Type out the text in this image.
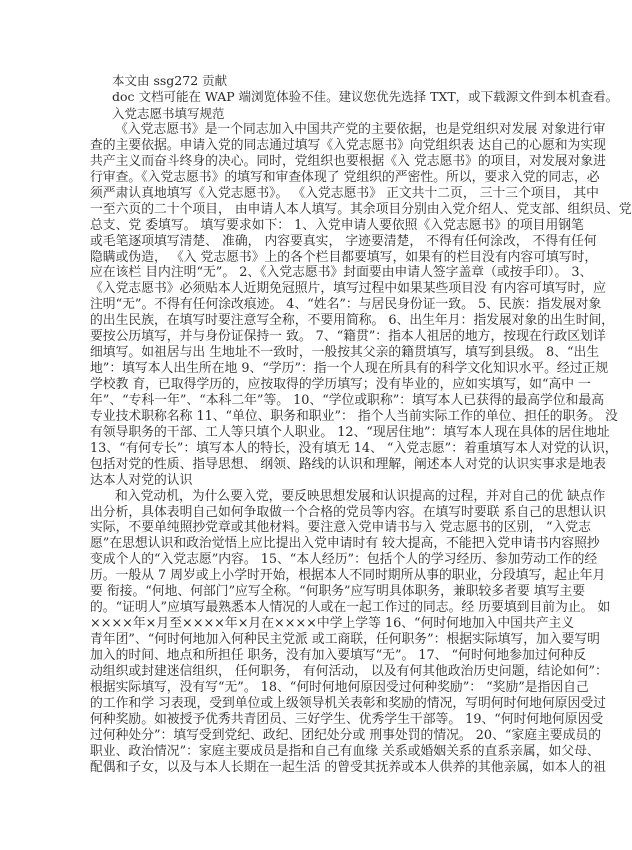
本文由 ssg272 贡献
doc 文档可能在 WAP 端浏览体验不佳。建议您优先选择 TXT，或下载源文件到本机查看。
入党志愿书填写规范
《入党志愿书》是一个同志加入中国共产党的主要依据，也是党组织对发展 对象进行审
查的主要依据。申请入党的同志通过填写《入党志愿书》向党组织表 达自己的心愿和为实现
共产主义而奋斗终身的决心。同时，党组织也要根据《入 党志愿书》的项目，对发展对象进
行审查。《入党志愿书》的填写和审查体现了 党组织的严密性。所以，要求入党的同志，必
须严肃认真地填写《入党志愿书》。 《入党志愿书》 正文共十二页， 三十三个项目， 其中
一至六页的二十个项目， 由申请人本人填写。其余项目分别由入党介绍人、党支部、组织员、党
总支、党 委填写。 填写要求如下： 1、入党申请人要依照《入党志愿书》的项目用钢笔
或毛笔逐项填写清楚、 准确， 内容要真实， 字迹要清楚， 不得有任何涂改， 不得有任何
隐瞒或伪造， 《入 党志愿书》上的各个栏目都要填写，如果有的栏目没有内容可填写时，
应在该栏 目内注明“无”。 2、《入党志愿书》封面要由申请人签字盖章（或按手印）。 3、
《入党志愿书》必须贴本人近期免冠照片，填写过程中如果某些项目没 有内容可填写时，应
注明“无”。不得有任何涂改痕迹。 4、“姓名”：与居民身份证一致。 5、民族：指发展对象
的出生民族，在填写时要注意写全称，不要用简称。 6、出生年月：指发展对象的出生时间，
要按公历填写，并与身份证保持一 致。 7、“籍贯”：指本人祖居的地方，按现在行政区划详
细填写。如祖居与出 生地址不一致时，一般按其父亲的籍贯填写，填写到县级。 8、“出生
地”：填写本人出生所在地 9、“学历”：指一个人现在所具有的科学文化知识水平。经过正规
学校教 育，已取得学历的，应按取得的学历填写；没有毕业的，应如实填写，如“高中 一
年”、“专科一年”、“本科二年”等。 10、“学位或职称”：填写本人已获得的最高学位和最高
专业技术职称名称 11、“单位、职务和职业”： 指个人当前实际工作的单位、担任的职务。 没
有领导职务的干部、工人等只填个人职业。 12、“现居住地”：填写本人现在具体的居住地址
13、“有何专长”：填写本人的特长，没有填无 14、 “入党志愿”：着重填写本人对党的认识，
包括对党的性质、指导思想、 纲领、路线的认识和理解，阐述本人对党的认识实事求是地表
达本人对党的认识
和入党动机，为什么要入党，要反映思想发展和认识提高的过程，并对自己的优 缺点作
出分析，具体表明自己如何争取做一个合格的党员等内容。在填写时要联 系自己的思想认识
实际，不要单纯照抄党章或其他材料。要注意入党申请书与入 党志愿书的区别， “入党志
愿”在思想认识和政治觉悟上应比提出入党申请时有 较大提高，不能把入党申请书内容照抄
变成个人的“入党志愿”内容。 15、“本人经历”：包括个人的学习经历、参加劳动工作的经
历。一般从 7 周岁或上小学时开始，根据本人不同时期所从事的职业，分段填写，起止年月
要 衔接。“何地、何部门”应写全称。“何职务”应写明具体职务，兼职较多者要 填写主要
的。“证明人”应填写最熟悉本人情况的人或在一起工作过的同志。经 历要填到目前为止。 如
××××年×月至××××年×月在××××中学上学等 16、“何时何地加入中国共产主义
青年团”、“何时何地加入何种民主党派 或工商联，任何职务”：根据实际填写，加入要写明
加入的时间、地点和所担任 职务，没有加入要填写“无”。 17、 “何时何地参加过何种反
动组织或封建迷信组织， 任何职务， 有何活动， 以及有何其他政治历史问题，结论如何”：
根据实际填写，没有写“无”。 18、“何时何地何原因受过何种奖励”： “奖励”是指因自己
的工作和学 习表现，受到单位或上级领导机关表彰和奖励的情况，写明何时何地何原因受过
何种奖励。如被授予优秀共青团员、三好学生、优秀学生干部等。 19、“何时何地何原因受
过何种处分”：填写受到党纪、政纪、团纪处分或 刑事处罚的情况。 20、“家庭主要成员的
职业、政治情况”：家庭主要成员是指和自己有血缘 关系或婚姻关系的直系亲属，如父母、
配偶和子女，以及与本人长期在一起生活 的曾受其抚养或本人供养的其他亲属，如本人的祖
